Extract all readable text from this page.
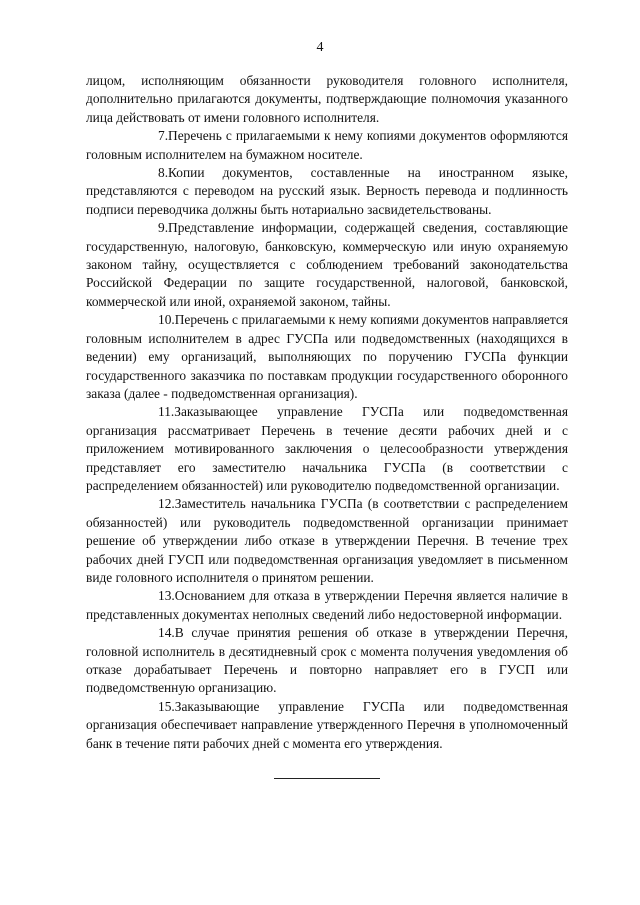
4

лицом, исполняющим обязанности руководителя головного исполнителя, дополнительно прилагаются документы, подтверждающие полномочия указанного лица действовать от имени головного исполнителя.

7.Перечень с прилагаемыми к нему копиями документов оформляются головным исполнителем на бумажном носителе.

8.Копии документов, составленные на иностранном языке, представляются с переводом на русский язык. Верность перевода и подлинность подписи переводчика должны быть нотариально засвидетельствованы.

9.Представление информации, содержащей сведения, составляющие государственную, налоговую, банковскую, коммерческую или иную охраняемую законом тайну, осуществляется с соблюдением требований законодательства Российской Федерации по защите государственной, налоговой, банковской, коммерческой или иной, охраняемой законом, тайны.

10.Перечень с прилагаемыми к нему копиями документов направляется головным исполнителем в адрес ГУСПа или подведомственных (находящихся в ведении) ему организаций, выполняющих по поручению ГУСПа функции государственного заказчика по поставкам продукции государственного оборонного заказа (далее - подведомственная организация).

11.Заказывающее управление ГУСПа или подведомственная организация рассматривает Перечень в течение десяти рабочих дней и с приложением мотивированного заключения о целесообразности утверждения представляет его заместителю начальника ГУСПа (в соответствии с распределением обязанностей) или руководителю подведомственной организации.

12.Заместитель начальника ГУСПа (в соответствии с распределением обязанностей) или руководитель подведомственной организации принимает решение об утверждении либо отказе в утверждении Перечня. В течение трех рабочих дней ГУСП или подведомственная организация уведомляет в письменном виде головного исполнителя о принятом решении.

13.Основанием для отказа в утверждении Перечня является наличие в представленных документах неполных сведений либо недостоверной информации.

14.В случае принятия решения об отказе в утверждении Перечня, головной исполнитель в десятидневный срок с момента получения уведомления об отказе дорабатывает Перечень и повторно направляет его в ГУСП или подведомственную организацию.

15.Заказывающие управление ГУСПа или подведомственная организация обеспечивает направление утвержденного Перечня в уполномоченный банк в течение пяти рабочих дней с момента его утверждения.
